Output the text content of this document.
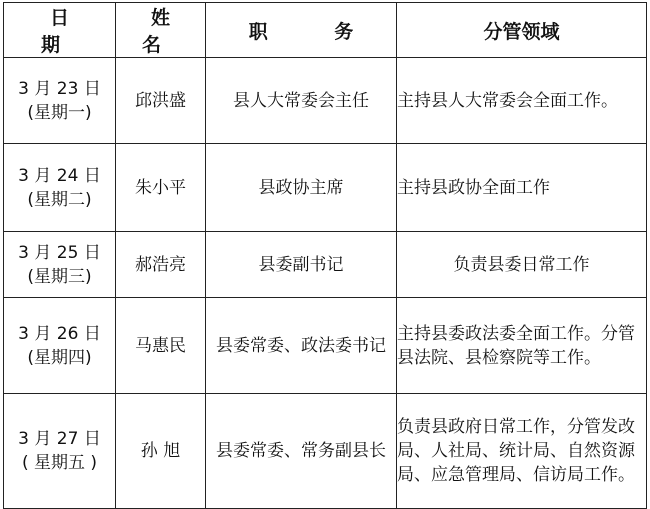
日 期	姓 名	职 务	分管领域

3 月 23 日
(星期一)	邱洪盛	县人大常委会主任	主持县人大常委会全面工作。

3 月 24 日
(星期二)	朱小平	县政协主席	主持县政协全面工作

3 月 25 日
(星期三)	郝浩亮	县委副书记	负责县委日常工作

3 月 26 日
(星期四)	马惠民	县委常委、政法委书记	主持县委政法委全面工作。分管县法院、县检察院等工作。

3 月 27 日
( 星期五 )	孙 旭	县委常委、常务副县长	负责县政府日常工作，分管发改局、人社局、统计局、自然资源局、应急管理局、信访局工作。
